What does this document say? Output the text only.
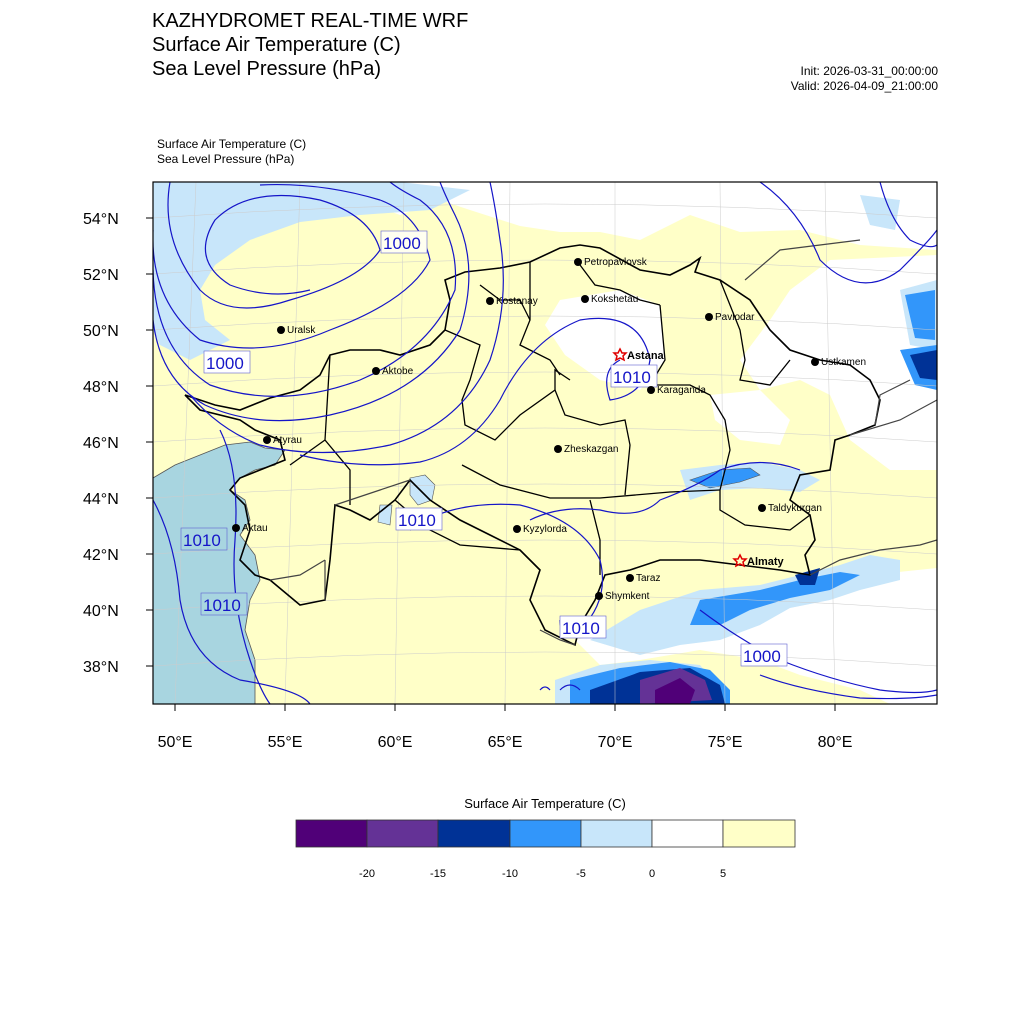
KAZHYDROMET REAL-TIME WRF
Surface Air Temperature (C)
Sea Level Pressure (hPa)	Init: 2026-03-31_00:00:00
Valid: 2026-04-09_21:00:00
Surface Air Temperature (C)
Sea Level Pressure (hPa)
1000
1000
1010
1010
1010
1010
1010
1000
Petropavlovsk
Kokshetau
Kostanay
Pavlodar
Uralsk
Astana
Ustkamen
Aktobe
Karaganda
Atyrau
Zheskazgan
Taldykurgan
Aktau	Kyzylorda
Almaty
Taraz
Shymkent
54°N
52°N
50°N
48°N
46°N
44°N
42°N
40°N
38°N
50°E	55°E	60°E	65°E	70°E	75°E	80°E
-20	-15	-10	-5	0	5
Surface Air Temperature (C)
